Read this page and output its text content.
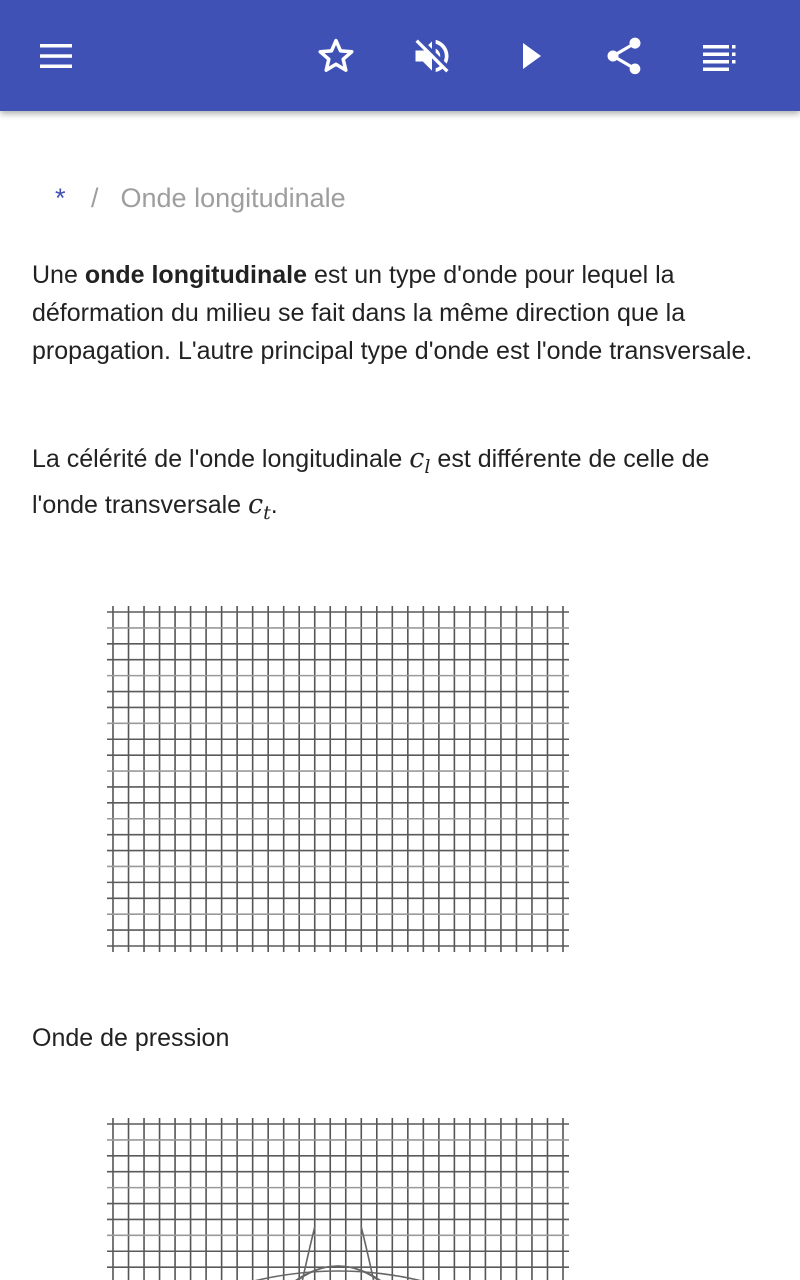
* / Onde longitudinale

Une onde longitudinale est un type d'onde pour lequel la déformation du milieu se fait dans la même direction que la propagation. L'autre principal type d'onde est l'onde transversale.

La célérité de l'onde longitudinale $c_l$ est différente de celle de l'onde transversale $c_t$.

Onde de pression
